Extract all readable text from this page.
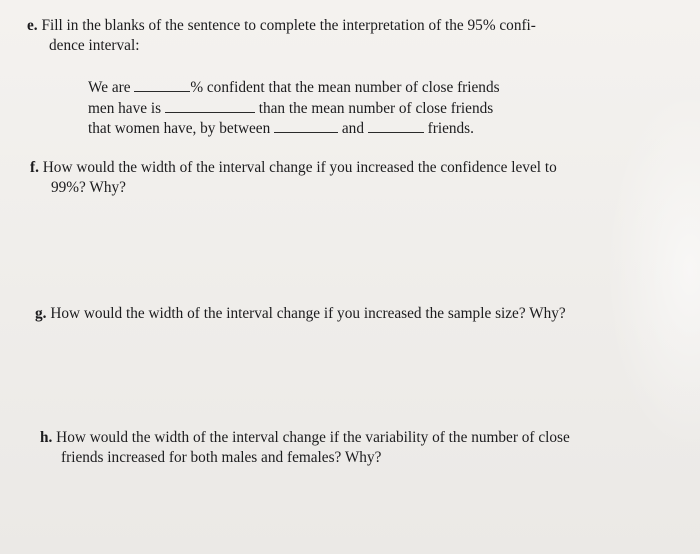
e. Fill in the blanks of the sentence to complete the interpretation of the 95% confi-
dence interval:
We are	% confident that the mean number of close friends
men have is	than the mean number of close friends
that women have, by between	and	friends.
f. How would the width of the interval change if you increased the confidence level to
99%? Why?
g. How would the width of the interval change if you increased the sample size? Why?
h. How would the width of the interval change if the variability of the number of close
friends increased for both males and females? Why?
